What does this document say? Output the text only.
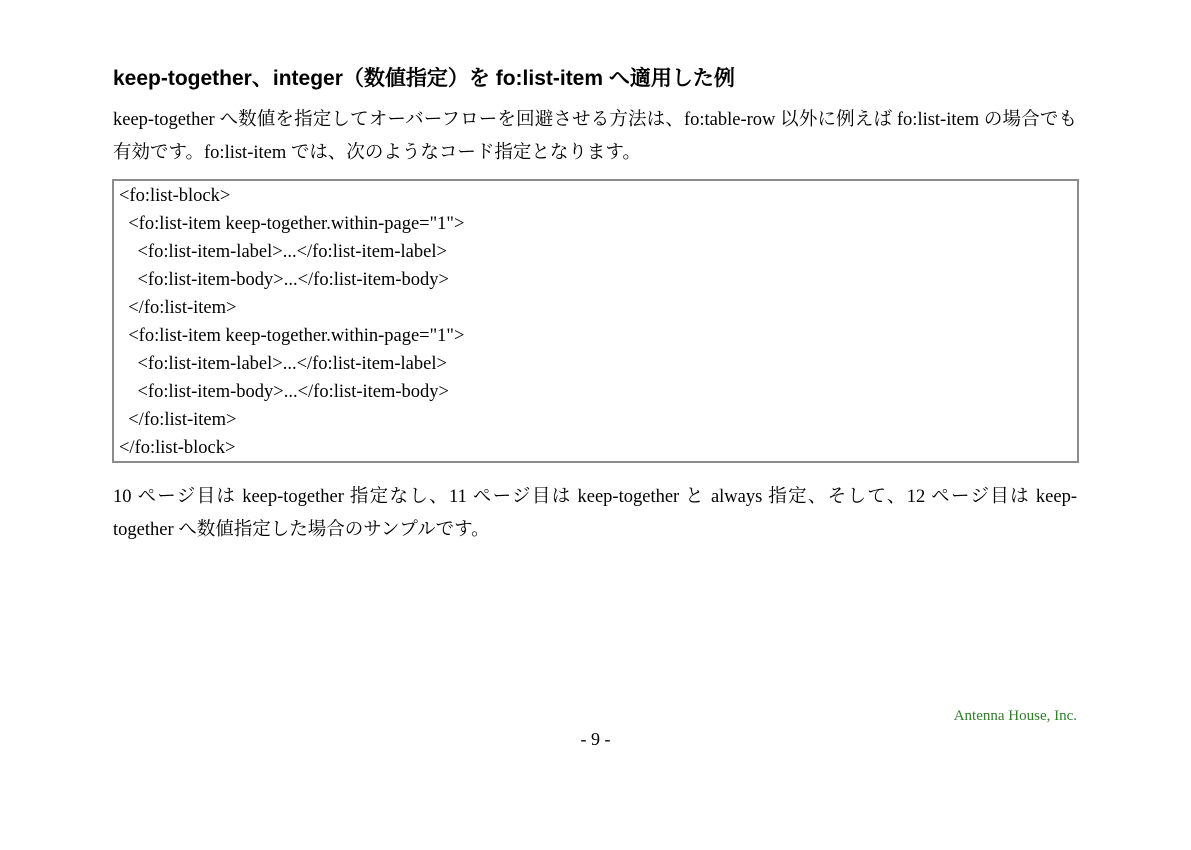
keep-together、integer（数値指定）を fo:list-item へ適用した例

keep-together へ数値を指定してオーバーフローを回避させる方法は、fo:table-row 以外に例えば fo:list-item の場合でも有効です。fo:list-item では、次のようなコード指定となります。

<fo:list-block>
<fo:list-item keep-together.within-page="1">
<fo:list-item-label>...</fo:list-item-label>
<fo:list-item-body>...</fo:list-item-body>
</fo:list-item>
<fo:list-item keep-together.within-page="1">
<fo:list-item-label>...</fo:list-item-label>
<fo:list-item-body>...</fo:list-item-body>
</fo:list-item>
</fo:list-block>

10 ページ目は keep-together 指定なし、11 ページ目は keep-together と always 指定、そして、12 ページ目は keep-together へ数値指定した場合のサンプルです。

Antenna House, Inc.
- 9 -
